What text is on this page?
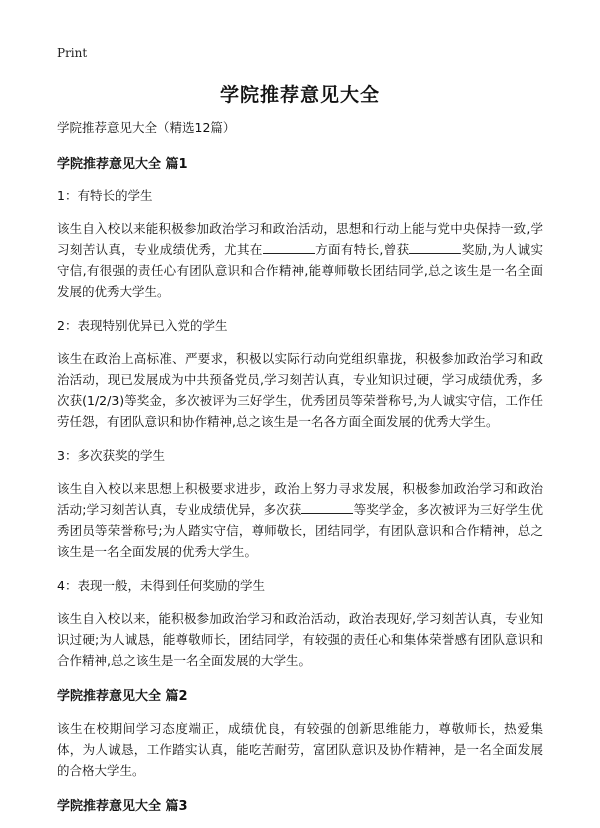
Print
学院推荐意见大全

学院推荐意见大全（精选12篇）

学院推荐意见大全 篇1

1：有特长的学生

该生自入校以来能积极参加政治学习和政治活动，思想和行动上能与党中央保持一致,学习刻苦认真，专业成绩优秀，尤其在	方面有特长,曾获	奖励,为人诚实守信,有很强的责任心有团队意识和合作精神,能尊师敬长团结同学,总之该生是一名全面发展的优秀大学生。

2：表现特别优异已入党的学生

该生在政治上高标准、严要求，积极以实际行动向党组织靠拢，积极参加政治学习和政治活动，现已发展成为中共预备党员,学习刻苦认真，专业知识过硬，学习成绩优秀，多次获(1/2/3)等奖金，多次被评为三好学生，优秀团员等荣誉称号,为人诚实守信，工作任劳任怨，有团队意识和协作精神,总之该生是一名各方面全面发展的优秀大学生。

3：多次获奖的学生

该生自入校以来思想上积极要求进步，政治上努力寻求发展，积极参加政治学习和政治活动;学习刻苦认真，专业成绩优异，多次获	等奖学金，多次被评为三好学生优秀团员等荣誉称号;为人踏实守信，尊师敬长，团结同学，有团队意识和合作精神，总之该生是一名全面发展的优秀大学生。

4：表现一般，未得到任何奖励的学生

该生自入校以来，能积极参加政治学习和政治活动，政治表现好,学习刻苦认真，专业知识过硬;为人诚恳，能尊敬师长，团结同学，有较强的责任心和集体荣誉感有团队意识和合作精神,总之该生是一名全面发展的大学生。

学院推荐意见大全 篇2

该生在校期间学习态度端正，成绩优良，有较强的创新思维能力，尊敬师长，热爱集体，为人诚恳，工作踏实认真，能吃苦耐劳，富团队意识及协作精神，是一名全面发展的合格大学生。

学院推荐意见大全 篇3
